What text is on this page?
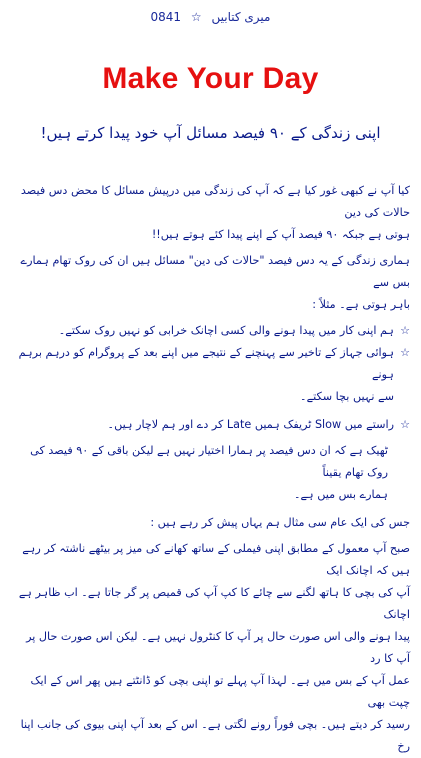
میری کتابیں ☆ 0841
Make Your Day
اپنی زندگی کے ۹۰ فیصد مسائل آپ خود پیدا کرتے ہیں!

کیا آپ نے کبھی غور کیا ہے کہ آپ کی زندگی میں درپیش مسائل کا محض دس فیصد حالات کی دین

ہوتی ہے جبکہ ۹۰ فیصد آپ کے اپنے پیدا کئے ہوتے ہیں!!

ہماری زندگی کے یہ دس فیصد "حالات کی دین" مسائل ہیں ان کی روک تھام ہمارے بس سے

باہر ہوتی ہے۔ مثلاً :

☆
ہم اپنی کار میں پیدا ہونے والی کسی اچانک خرابی کو نہیں روک سکتے۔

☆
ہوائی جہاز کے تاخیر سے پہنچنے کے نتیجے میں اپنے بعد کے پروگرام کو درہم برہم ہونے

سے نہیں بچا سکتے۔

☆
راستے میں Slow ٹریفک ہمیں Late کر دے اور ہم لاچار ہیں۔

ٹھیک ہے کہ ان دس فیصد پر ہمارا اختیار نہیں ہے لیکن باقی کے ۹۰ فیصد کی روک تھام یقیناً

ہمارے بس میں ہے۔

جس کی ایک عام سی مثال ہم یہاں پیش کر رہے ہیں :

صبح آپ معمول کے مطابق اپنی فیملی کے ساتھ کھانے کی میز پر بیٹھے ناشتہ کر رہے ہیں کہ اچانک ایک

آپ کی بچی کا ہاتھ لگنے سے چائے کا کپ آپ کی قمیص پر گر جاتا ہے۔ اب ظاہر ہے اچانک

پیدا ہونے والی اس صورت حال پر آپ کا کنٹرول نہیں ہے۔ لیکن اس صورت حال پر آپ کا رد

عمل آپ کے بس میں ہے۔ لہذا آپ پہلے تو اپنی بچی کو ڈانٹتے ہیں پھر اس کے ایک چپت بھی

رسید کر دیتے ہیں۔ بچی فوراً رونے لگتی ہے۔ اس کے بعد آپ اپنی بیوی کی جانب اپنا رخ
